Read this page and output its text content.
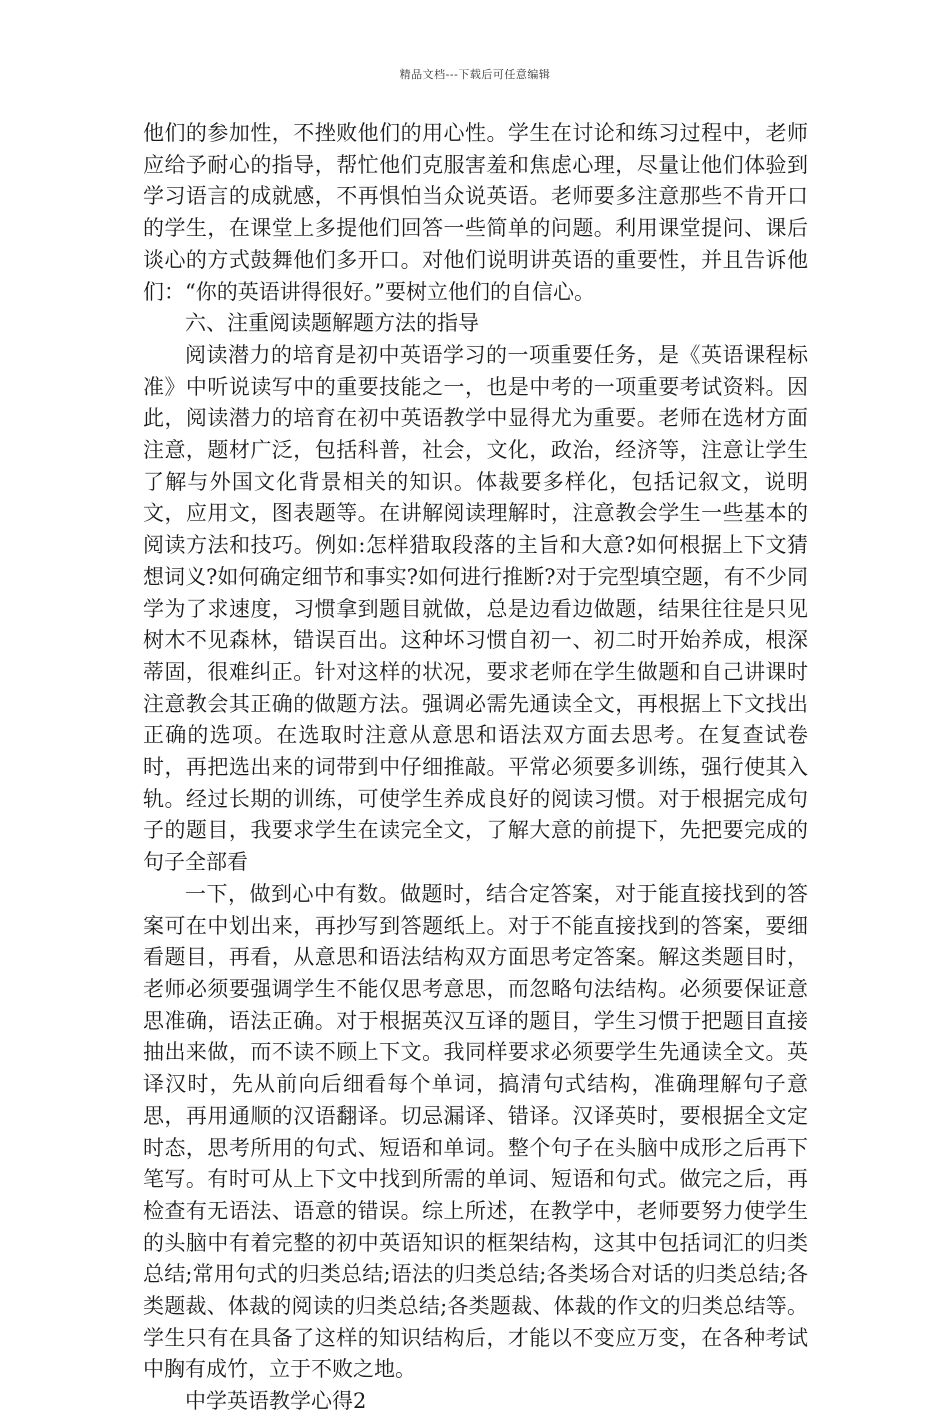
精品文档---下载后可任意编辑

他们的参加性，不挫败他们的用心性。学生在讨论和练习过程中，老师应给予耐心的指导，帮忙他们克服害羞和焦虑心理，尽量让他们体验到学习语言的成就感，不再惧怕当众说英语。老师要多注意那些不肯开口的学生，在课堂上多提他们回答一些简单的问题。利用课堂提问、课后谈心的方式鼓舞他们多开口。对他们说明讲英语的重要性，并且告诉他们：“你的英语讲得很好。”要树立他们的自信心。

六、注重阅读题解题方法的指导

阅读潜力的培育是初中英语学习的一项重要任务，是《英语课程标准》中听说读写中的重要技能之一，也是中考的一项重要考试资料。因此，阅读潜力的培育在初中英语教学中显得尤为重要。老师在选材方面注意，题材广泛，包括科普，社会，文化，政治，经济等，注意让学生了解与外国文化背景相关的知识。体裁要多样化，包括记叙文，说明文，应用文，图表题等。在讲解阅读理解时，注意教会学生一些基本的阅读方法和技巧。例如:怎样猎取段落的主旨和大意?如何根据上下文猜想词义?如何确定细节和事实?如何进行推断?对于完型填空题，有不少同学为了求速度，习惯拿到题目就做，总是边看边做题，结果往往是只见树木不见森林，错误百出。这种坏习惯自初一、初二时开始养成，根深蒂固，很难纠正。针对这样的状况，要求老师在学生做题和自己讲课时注意教会其正确的做题方法。强调必需先通读全文，再根据上下文找出正确的选项。在选取时注意从意思和语法双方面去思考。在复查试卷时，再把选出来的词带到中仔细推敲。平常必须要多训练，强行使其入轨。经过长期的训练，可使学生养成良好的阅读习惯。对于根据完成句子的题目，我要求学生在读完全文，了解大意的前提下，先把要完成的句子全部看

一下，做到心中有数。做题时，结合定答案，对于能直接找到的答案可在中划出来，再抄写到答题纸上。对于不能直接找到的答案，要细看题目，再看，从意思和语法结构双方面思考定答案。解这类题目时，老师必须要强调学生不能仅思考意思，而忽略句法结构。必须要保证意思准确，语法正确。对于根据英汉互译的题目，学生习惯于把题目直接抽出来做，而不读不顾上下文。我同样要求必须要学生先通读全文。英译汉时，先从前向后细看每个单词，搞清句式结构，准确理解句子意思，再用通顺的汉语翻译。切忌漏译、错译。汉译英时，要根据全文定时态，思考所用的句式、短语和单词。整个句子在头脑中成形之后再下笔写。有时可从上下文中找到所需的单词、短语和句式。做完之后，再检查有无语法、语意的错误。综上所述，在教学中，老师要努力使学生的头脑中有着完整的初中英语知识的框架结构，这其中包括词汇的归类总结;常用句式的归类总结;语法的归类总结;各类场合对话的归类总结;各类题裁、体裁的阅读的归类总结;各类题裁、体裁的作文的归类总结等。学生只有在具备了这样的知识结构后，才能以不变应万变，在各种考试中胸有成竹，立于不败之地。

中学英语教学心得2
